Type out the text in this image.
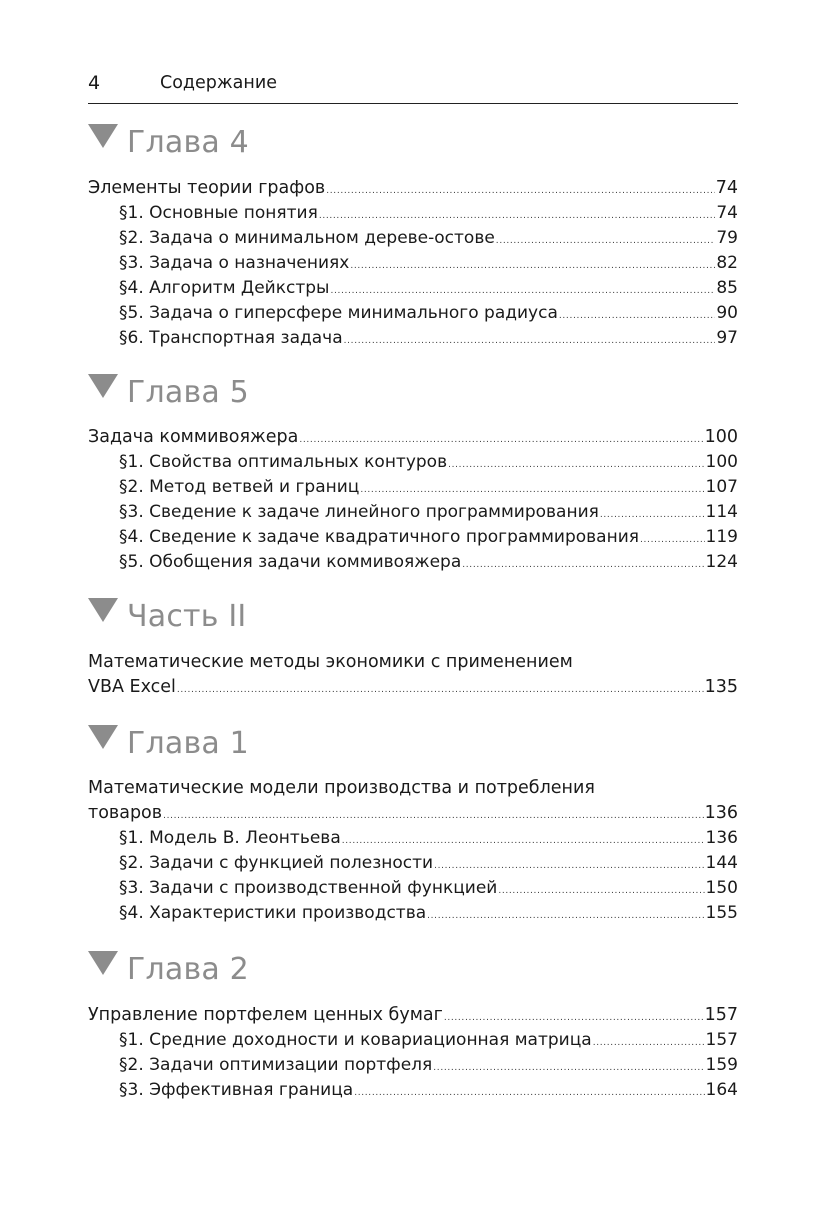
4	Содержание
Глава 4
Элементы теории графов . . .	74
§1. Основные понятия . . .	74
§2. Задача о минимальном дереве-остове . . .	79
§3. Задача о назначениях . . .	82
§4. Алгоритм Дейкстры . . .	85
§5. Задача о гиперсфере минимального радиуса . . .	90
§6. Транспортная задача . . .	97
Глава 5
Задача коммивояжера . . .	100
§1. Свойства оптимальных контуров . . .	100
§2. Метод ветвей и границ . . .	107
§3. Сведение к задаче линейного программирования . . .	114
§4. Сведение к задаче квадратичного программирования . . .	119
§5. Обобщения задачи коммивояжера . . .	124
Часть II
Математические методы экономики с применением
VBA Excel . . .	135
Глава 1
Математические модели производства и потребления
товаров . . .	136
§1. Модель В. Леонтьева . . .	136
§2. Задачи с функцией полезности . . .	144
§3. Задачи с производственной функцией . . .	150
§4. Характеристики производства . . .	155
Глава 2
Управление портфелем ценных бумаг . . .	157
§1. Средние доходности и ковариационная матрица . . .	157
§2. Задачи оптимизации портфеля . . .	159
§3. Эффективная граница . . .	164
